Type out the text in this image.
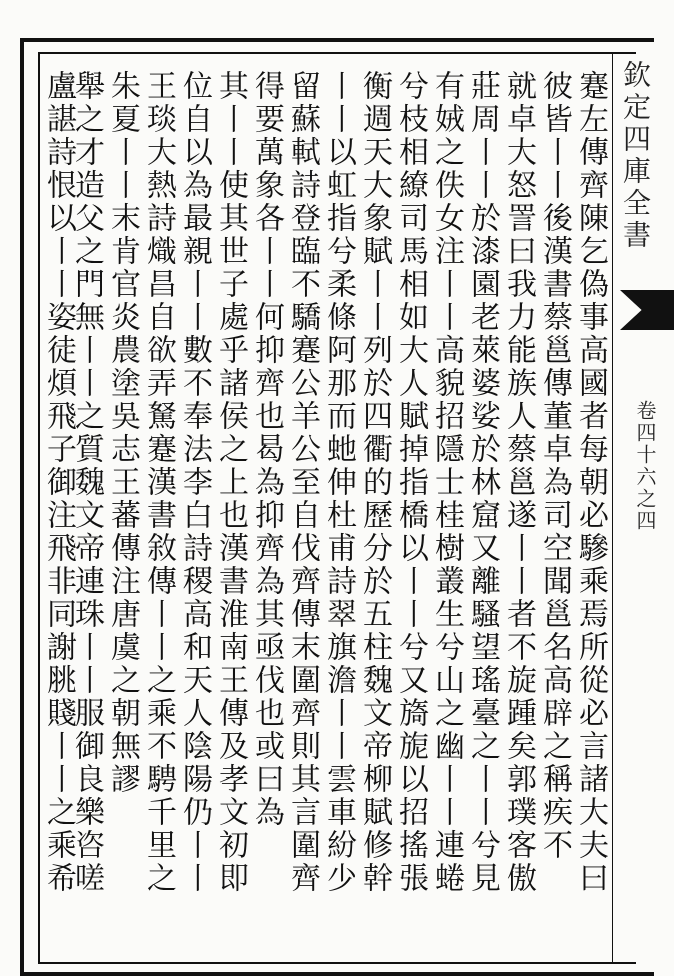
欽定四庫全書
卷四十六之四
蹇左傳齊陳乞偽事高國者每朝必驂乘焉所從必言諸大夫曰
彼皆丨丨後漢書蔡邕傳董卓為司空聞邕名高辟之稱疾不
就卓大怒詈曰我力能族人蔡邕遂丨丨者不旋踵矣郭璞客傲
莊周丨丨於漆園老萊婆娑於林窟又離騷望瑤臺之丨丨兮見
有娀之佚女注丨丨高貌招隱士桂樹叢生兮山之幽丨丨連蜷
兮枝相繚司馬相如大人賦掉指橋以丨丨兮又旖旎以招搖張
衡週天大象賦丨丨列於四衢的歷分於五柱魏文帝柳賦修幹
丨丨以虹指兮柔條阿那而虵伸杜甫詩翠旗澹丨丨雲車紛少
留蘇軾詩登臨不驕蹇公羊公至自伐齊傳末圍齊則其言圍齊
得要萬象各丨丨何抑齊也曷為抑齊為其亟伐也或曰為
其丨丨使其世子處乎諸侯之上也漢書淮南王傳及孝文初即
位自以為最親丨丨數不奉法李白詩稷高和天人陰陽仍丨丨
王琰大熱詩熾昌自欲弄駑蹇漢書敘傳丨丨之乘不騁千里之
朱夏丨丨末肯官炎農塗吳志王蕃傳注唐虞之朝無謬
舉之才造父之門無丨丨之質魏文帝連珠丨丨服御良樂咨嗟
盧諶詩恨以丨丨姿徒煩飛子御注飛非同謝脁賤丨丨之乘希
